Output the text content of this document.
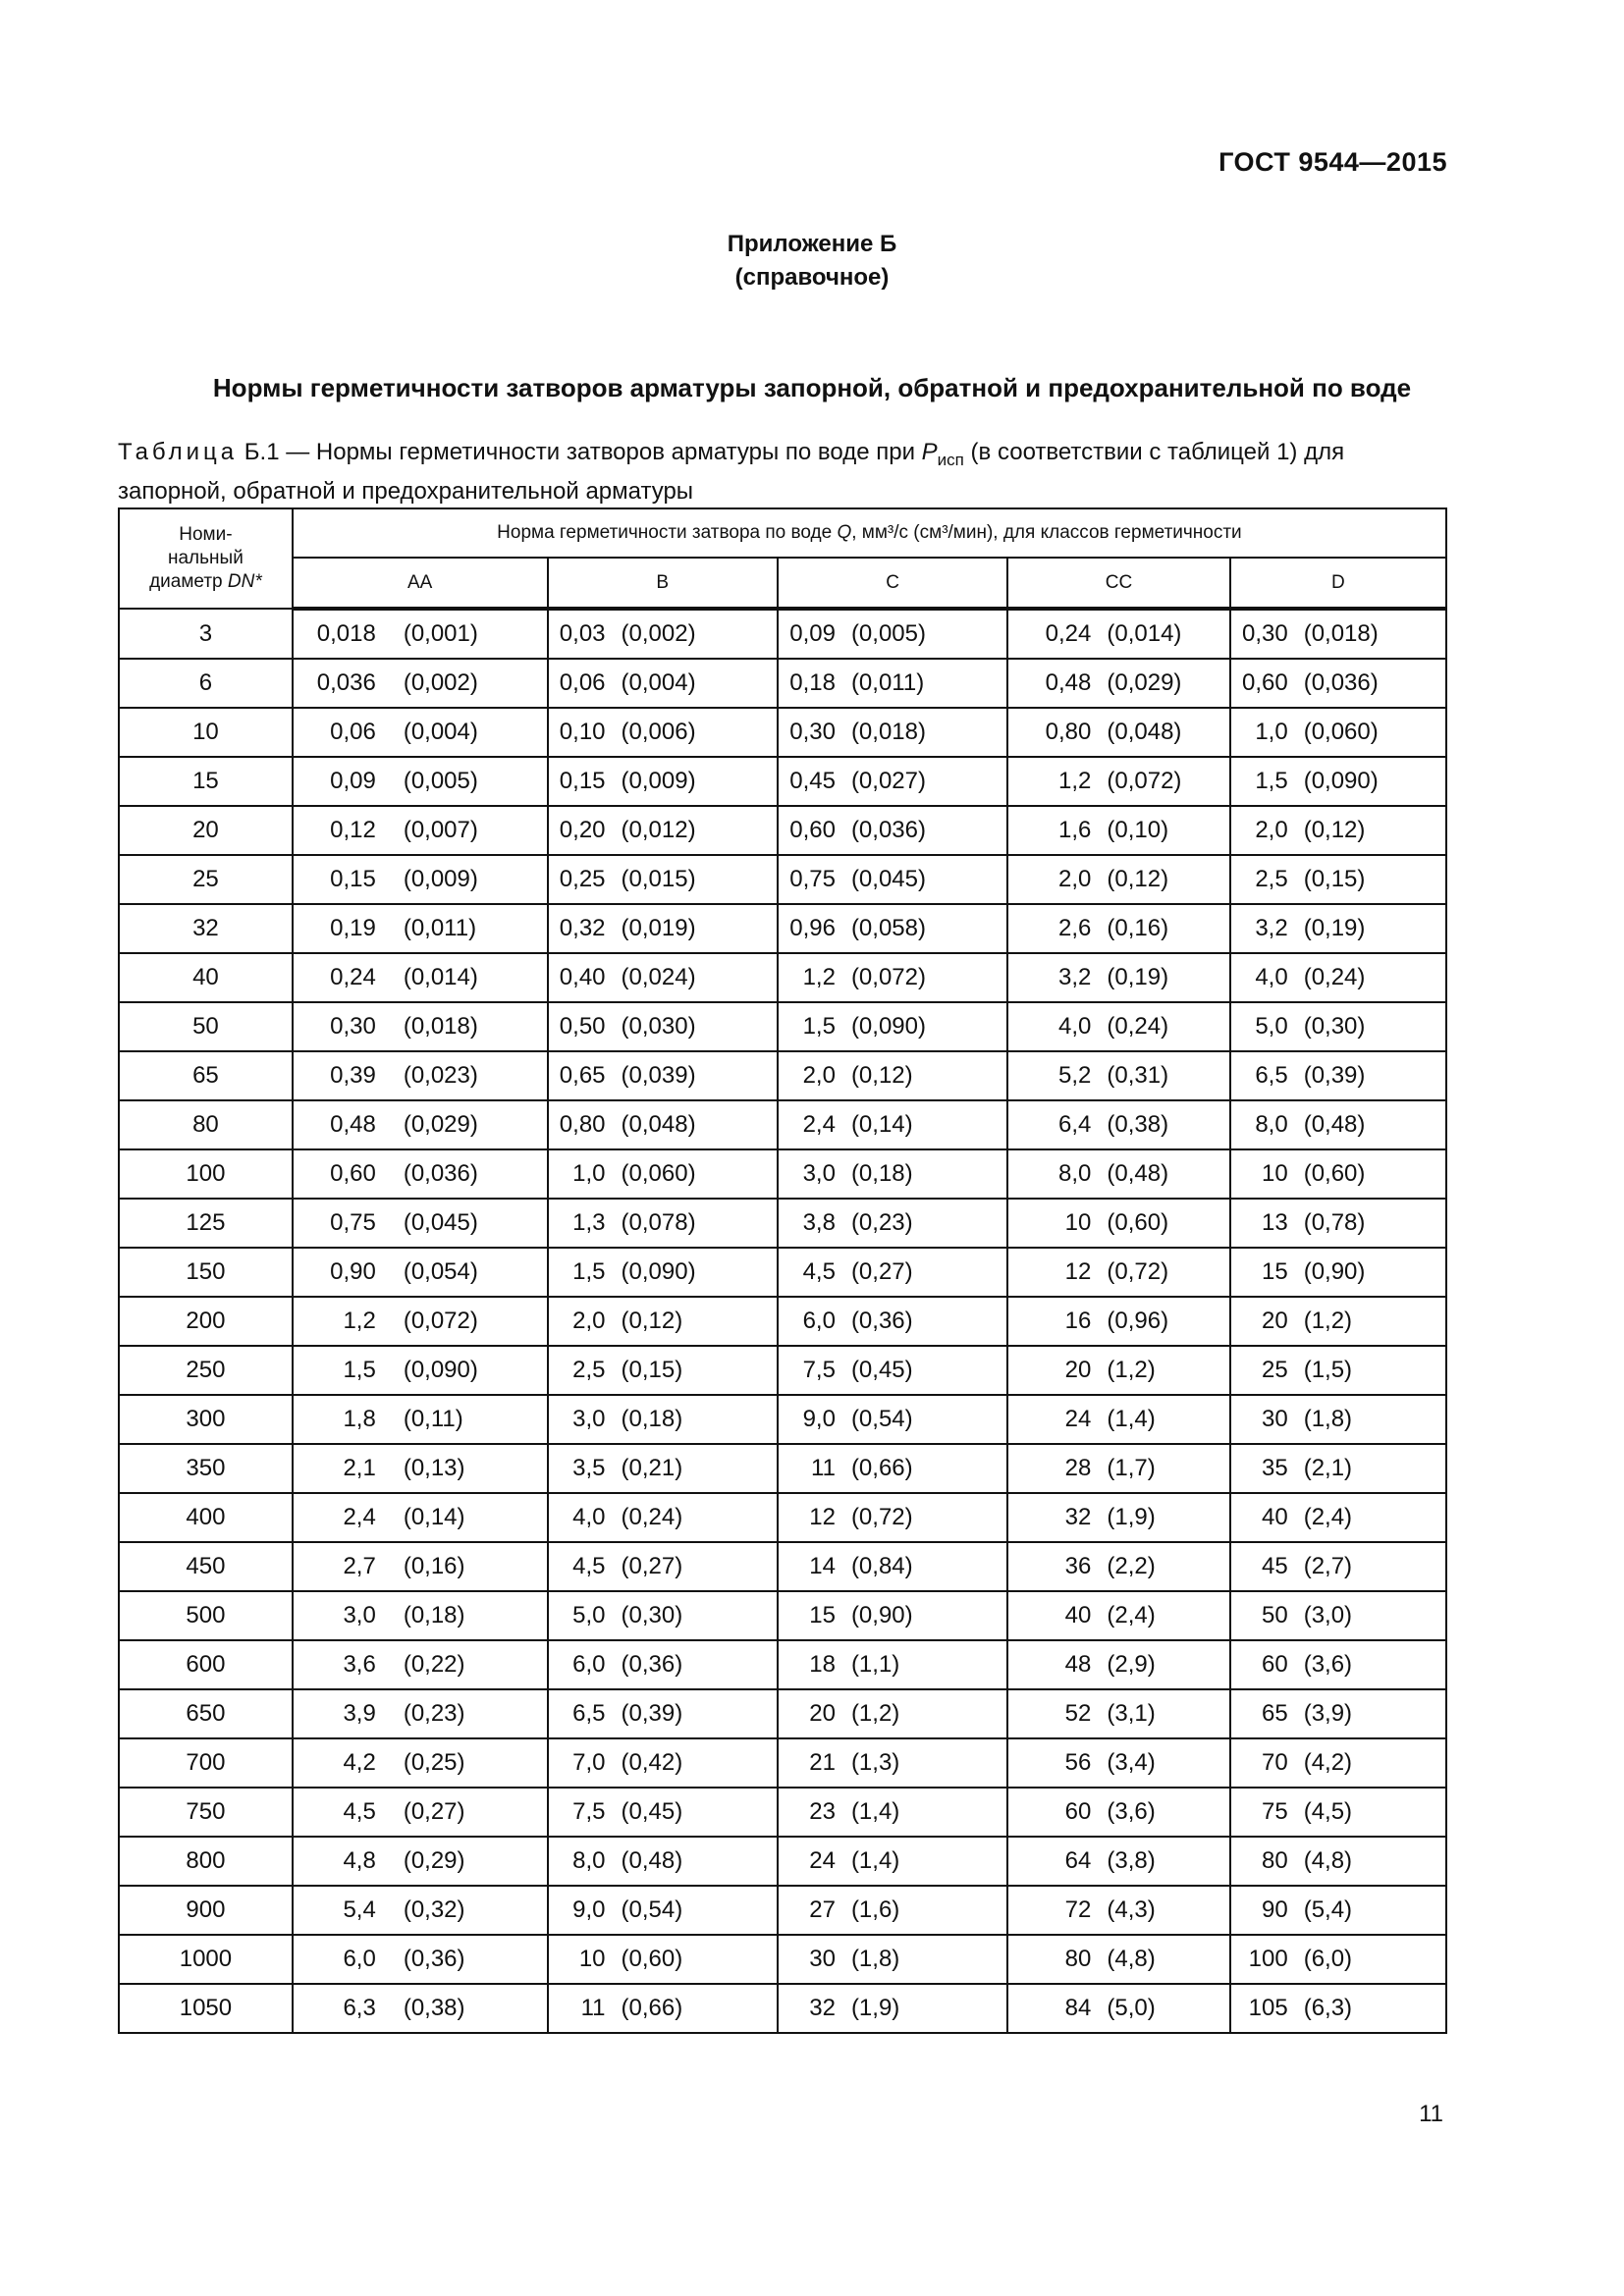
ГОСТ 9544—2015
Приложение Б
(справочное)
Нормы герметичности затворов арматуры запорной, обратной и предохранительной по воде
Таблица Б.1 — Нормы герметичности затворов арматуры по воде при $P_{исп}$ (в соответствии с таблицей 1) для запорной, обратной и предохранительной арматуры
Номи-
нальный
диаметр DN*	Норма герметичности затвора по воде Q, мм³/с (см³/мин), для классов герметичности				
	АА	В	С	СС	D
3	0,018 (0,001)	0,03 (0,002)	0,09 (0,005)	0,24 (0,014)	0,30 (0,018)

6	0,036 (0,002)	0,06 (0,004)	0,18 (0,011)	0,48 (0,029)	0,60 (0,036)

10	0,06 (0,004)	0,10 (0,006)	0,30 (0,018)	0,80 (0,048)	1,0 (0,060)

15	0,09 (0,005)	0,15 (0,009)	0,45 (0,027)	1,2 (0,072)	1,5 (0,090)

20	0,12 (0,007)	0,20 (0,012)	0,60 (0,036)	1,6 (0,10)	2,0 (0,12)

25	0,15 (0,009)	0,25 (0,015)	0,75 (0,045)	2,0 (0,12)	2,5 (0,15)

32	0,19 (0,011)	0,32 (0,019)	0,96 (0,058)	2,6 (0,16)	3,2 (0,19)

40	0,24 (0,014)	0,40 (0,024)	1,2 (0,072)	3,2 (0,19)	4,0 (0,24)

50	0,30 (0,018)	0,50 (0,030)	1,5 (0,090)	4,0 (0,24)	5,0 (0,30)

65	0,39 (0,023)	0,65 (0,039)	2,0 (0,12)	5,2 (0,31)	6,5 (0,39)

80	0,48 (0,029)	0,80 (0,048)	2,4 (0,14)	6,4 (0,38)	8,0 (0,48)

100	0,60 (0,036)	1,0 (0,060)	3,0 (0,18)	8,0 (0,48)	10 (0,60)

125	0,75 (0,045)	1,3 (0,078)	3,8 (0,23)	10 (0,60)	13 (0,78)

150	0,90 (0,054)	1,5 (0,090)	4,5 (0,27)	12 (0,72)	15 (0,90)

200	1,2 (0,072)	2,0 (0,12)	6,0 (0,36)	16 (0,96)	20 (1,2)

250	1,5 (0,090)	2,5 (0,15)	7,5 (0,45)	20 (1,2)	25 (1,5)

300	1,8 (0,11)	3,0 (0,18)	9,0 (0,54)	24 (1,4)	30 (1,8)

350	2,1 (0,13)	3,5 (0,21)	11 (0,66)	28 (1,7)	35 (2,1)

400	2,4 (0,14)	4,0 (0,24)	12 (0,72)	32 (1,9)	40 (2,4)

450	2,7 (0,16)	4,5 (0,27)	14 (0,84)	36 (2,2)	45 (2,7)

500	3,0 (0,18)	5,0 (0,30)	15 (0,90)	40 (2,4)	50 (3,0)

600	3,6 (0,22)	6,0 (0,36)	18 (1,1)	48 (2,9)	60 (3,6)

650	3,9 (0,23)	6,5 (0,39)	20 (1,2)	52 (3,1)	65 (3,9)

700	4,2 (0,25)	7,0 (0,42)	21 (1,3)	56 (3,4)	70 (4,2)

750	4,5 (0,27)	7,5 (0,45)	23 (1,4)	60 (3,6)	75 (4,5)

800	4,8 (0,29)	8,0 (0,48)	24 (1,4)	64 (3,8)	80 (4,8)

900	5,4 (0,32)	9,0 (0,54)	27 (1,6)	72 (4,3)	90 (5,4)

1000	6,0 (0,36)	10 (0,60)	30 (1,8)	80 (4,8)	100 (6,0)

1050	6,3 (0,38)	11 (0,66)	32 (1,9)	84 (5,0)	105 (6,3)
11
